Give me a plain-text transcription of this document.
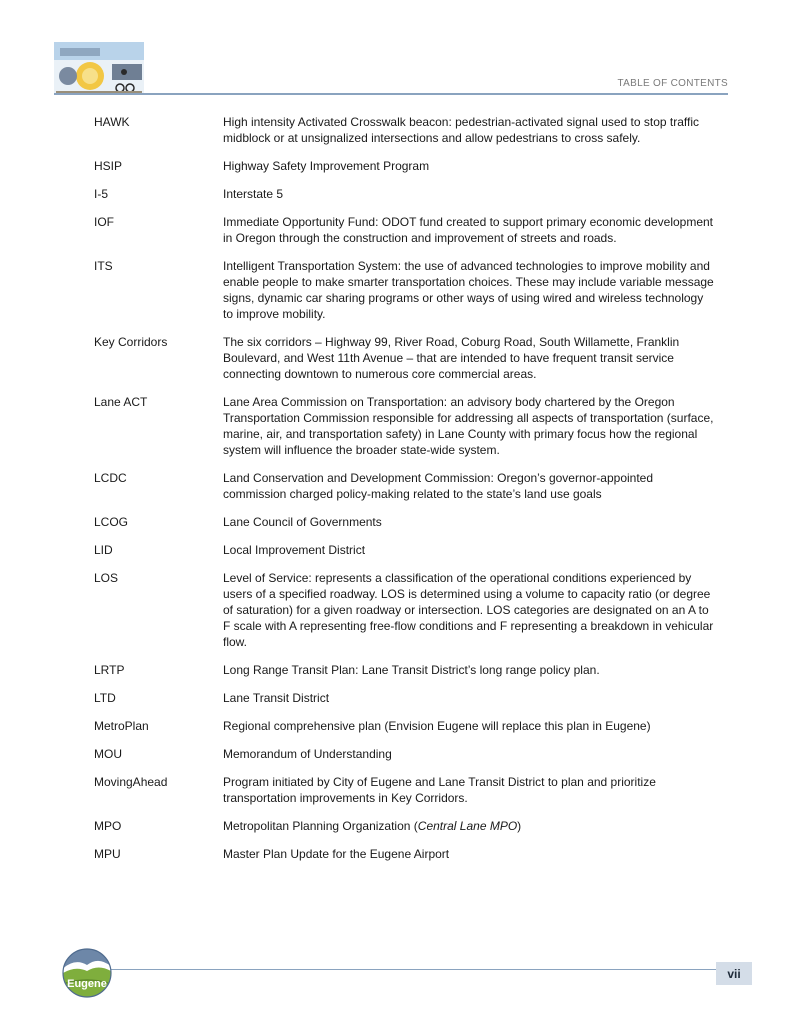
TABLE OF CONTENTS
HAWK	High intensity Activated Crosswalk beacon: pedestrian-activated signal used to stop traffic midblock or at unsignalized intersections and allow pedestrians to cross safely.
HSIP	Highway Safety Improvement Program
I-5	Interstate 5
IOF	Immediate Opportunity Fund: ODOT fund created to support primary economic development in Oregon through the construction and improvement of streets and roads.
ITS	Intelligent Transportation System: the use of advanced technologies to improve mobility and enable people to make smarter transportation choices. These may include variable message signs, dynamic car sharing programs or other ways of using wired and wireless technology to improve mobility.
Key Corridors	The six corridors – Highway 99, River Road, Coburg Road, South Willamette, Franklin Boulevard, and West 11th Avenue – that are intended to have frequent transit service connecting downtown to numerous core commercial areas.
Lane ACT	Lane Area Commission on Transportation: an advisory body chartered by the Oregon Transportation Commission responsible for addressing all aspects of transportation (surface, marine, air, and transportation safety) in Lane County with primary focus how the regional system will influence the broader state-wide system.
LCDC	Land Conservation and Development Commission: Oregon’s governor-appointed commission charged policy-making related to the state’s land use goals
LCOG	Lane Council of Governments
LID	Local Improvement District
LOS	Level of Service: represents a classification of the operational conditions experienced by users of a specified roadway. LOS is determined using a volume to capacity ratio (or degree of saturation) for a given roadway or intersection. LOS categories are designated on an A to F scale with A representing free-flow conditions and F representing a breakdown in vehicular flow.
LRTP	Long Range Transit Plan: Lane Transit District’s long range policy plan.
LTD	Lane Transit District
MetroPlan	Regional comprehensive plan (Envision Eugene will replace this plan in Eugene)
MOU	Memorandum of Understanding
MovingAhead	Program initiated by City of Eugene and Lane Transit District to plan and prioritize transportation improvements in Key Corridors.
MPO	Metropolitan Planning Organization (Central Lane MPO)
MPU	Master Plan Update for the Eugene Airport
Eugene
vii
